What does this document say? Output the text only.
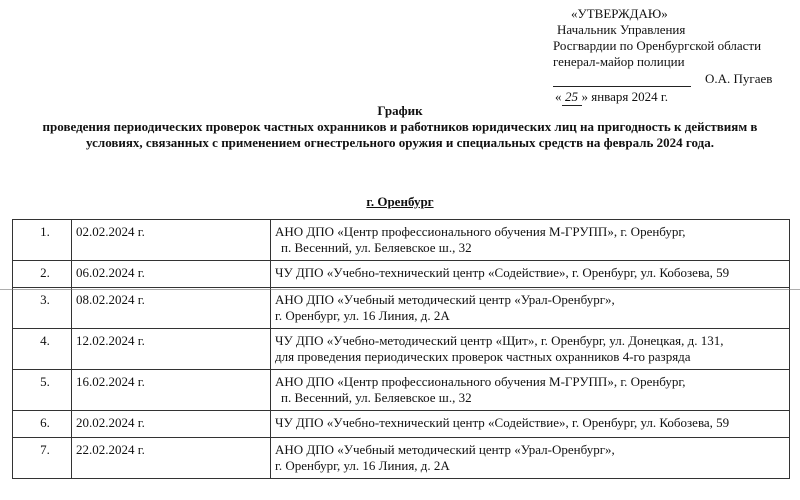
«УТВЕРЖДАЮ»
Начальник Управления
Росгвардии по Оренбургской области
генерал-майор полиции
О.А. Пугаев
« 25 » января 2024 г.
График
проведения периодических проверок частных охранников и работников юридических лиц на пригодность к действиям в условиях, связанных с применением огнестрельного оружия и специальных средств на февраль 2024 года.
г. Оренбург
1.	02.02.2024 г.	АНО ДПО «Центр профессионального обучения М-ГРУПП», г. Оренбург,
п. Весенний, ул. Беляевское ш., 32

2.	06.02.2024 г.	ЧУ ДПО «Учебно-технический центр «Содействие», г. Оренбург, ул. Кобозева, 59

3.	08.02.2024 г.	АНО ДПО «Учебный методический центр «Урал-Оренбург»,
г. Оренбург, ул. 16 Линия, д. 2А

4.	12.02.2024 г.	ЧУ ДПО «Учебно-методический центр «Щит», г. Оренбург, ул. Донецкая, д. 131,
для проведения периодических проверок частных охранников 4-го разряда

5.	16.02.2024 г.	АНО ДПО «Центр профессионального обучения М-ГРУПП», г. Оренбург,
п. Весенний, ул. Беляевское ш., 32

6.	20.02.2024 г.	ЧУ ДПО «Учебно-технический центр «Содействие», г. Оренбург, ул. Кобозева, 59

7.	22.02.2024 г.	АНО ДПО «Учебный методический центр «Урал-Оренбург»,
г. Оренбург, ул. 16 Линия, д. 2А
